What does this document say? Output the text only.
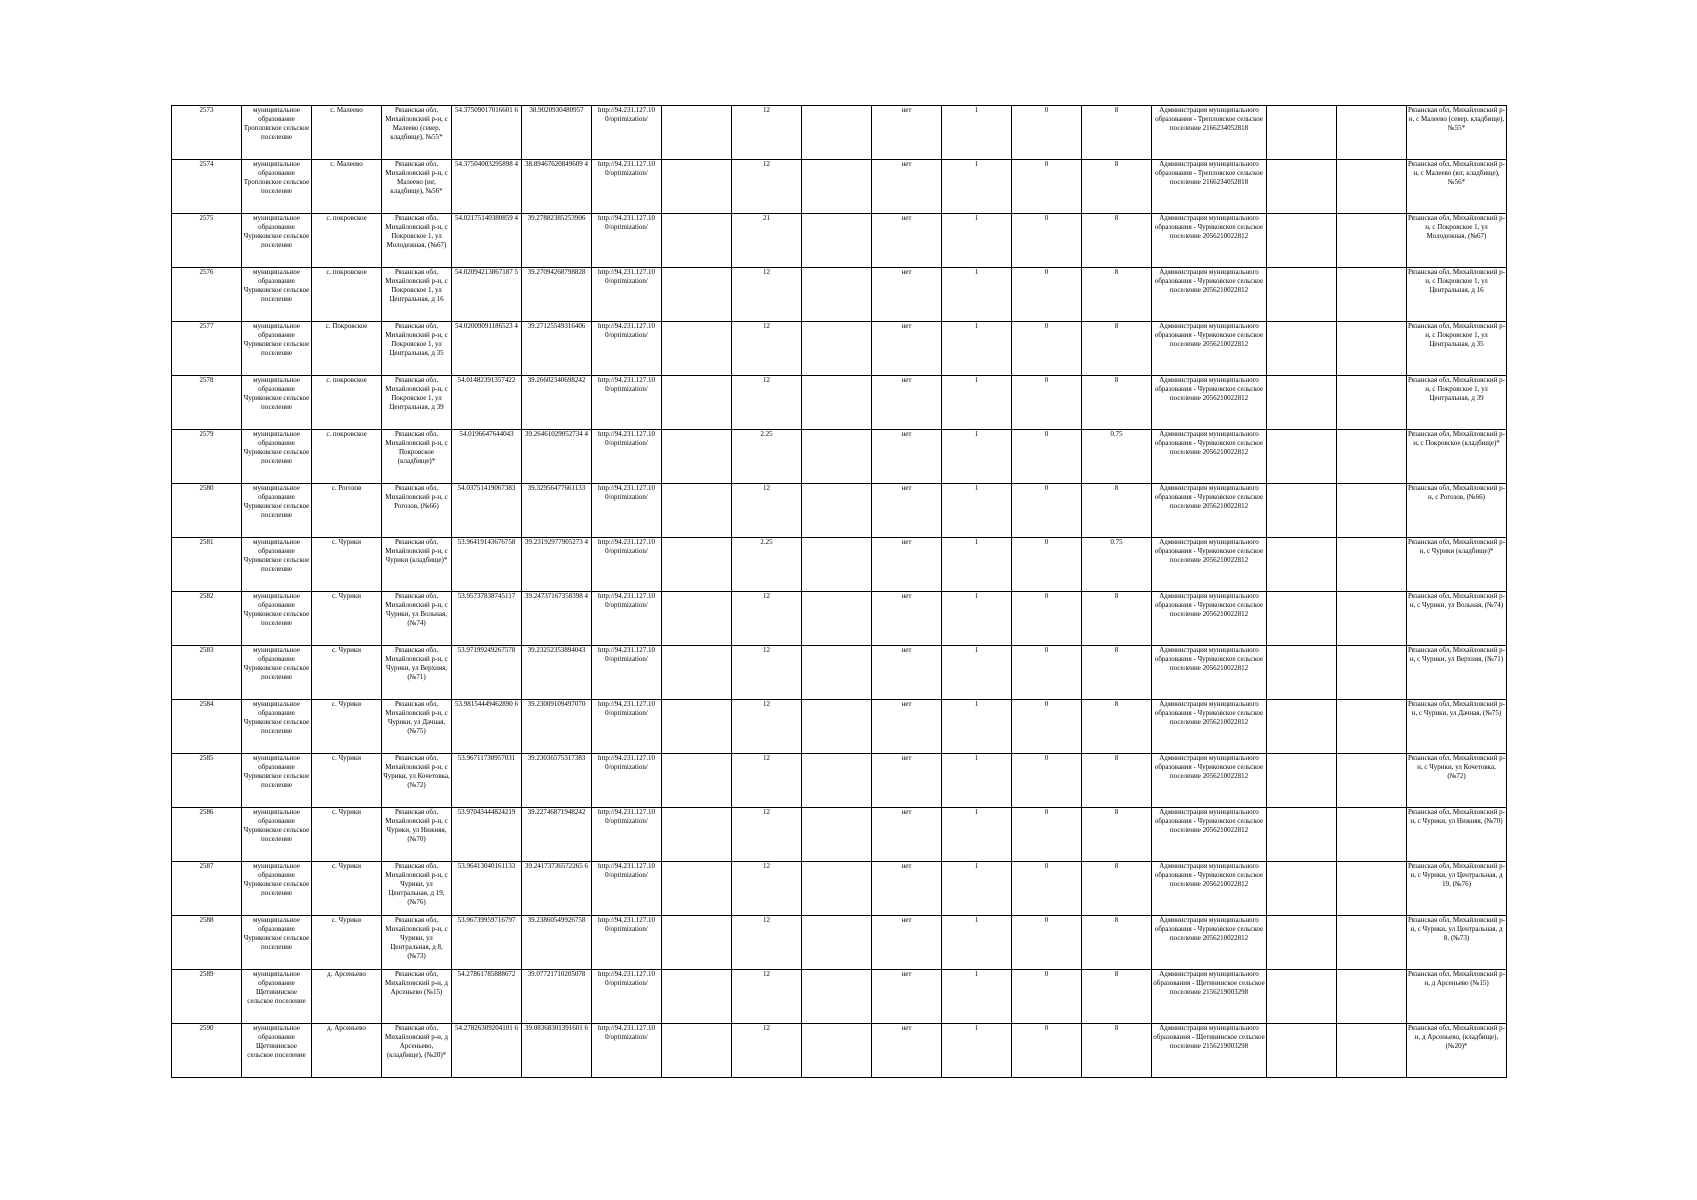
2573	муниципальное образование Тропловское сельское поселение	с. Малеево	Рязанская обл, Михайловский р-н, с Малеево (север, кладбище), №55*	54.37509017016601 6	38.9020930480957	http://94.231.127.10 0/optimization/		12		нет	1	0	8	Администрация муниципального образования - Трепловское сельское поселение 2166234052818			Рязанская обл, Михайловский р-н, с Малеево (север, кладбище), №55*
2574	муниципальное образование Тропловское сельское поселение	с. Малеево	Рязанская обл, Михайловский р-н, с Малеево (юг, кладбище), №56*	54.37504003295898 4	38.89467620849609 4	http://94.231.127.10 0/optimization/		12		нет	1	0	8	Администрация муниципального образования - Трепловское сельское поселение 2166234052818			Рязанская обл, Михайловский р-н, с Малеево (юг, кладбище), №56*
2575	муниципальное образование Чуриковское сельское поселение	с. покровское	Рязанская обл, Михайловский р-н, с Покровское 1, ул Молодежная, (№67)	54.02175140380859 4	39.27882385253906	http://94.231.127.10 0/optimization/		21		нет	1	0	8	Администрация муниципального образования - Чуриковское сельское поселение 2056210022812			Рязанская обл, Михайловский р-н, с Покровское 1, ул Молодежная, (№67)
2576	муниципальное образование Чуриковское сельское поселение	с. покровское	Рязанская обл, Михайловский р-н, с Покровское 1, ул Центральная, д 16	54.02094213867187 5	39.27094268798828	http://94.231.127.10 0/optimization/		12		нет	1	0	8	Администрация муниципального образования - Чуриковское сельское поселение 2056210022812			Рязанская обл, Михайловский р-н, с Покровское 1, ул Центральная, д 16
2577	муниципальное образование Чуриковское сельское поселение	с. Покровское	Рязанская обл, Михайловский р-н, с Покровское 1, ул Центральная, д 35	54.02009091186523 4	39.27125549316406	http://94.231.127.10 0/optimization/		12		нет	1	0	8	Администрация муниципального образования - Чуриковское сельское поселение 2056210022812			Рязанская обл, Михайловский р-н, с Покровское 1, ул Центральная, д 35
2578	муниципальное образование Чуриковское сельское поселение	с. покровское	Рязанская обл, Михайловский р-н, с Покровское 1, ул Центральная, д 39	54.01482391357422	39.26602340698242	http://94.231.127.10 0/optimization/		12		нет	1	0	8	Администрация муниципального образования - Чуриковское сельское поселение 2056210022812			Рязанская обл, Михайловский р-н, с Покровское 1, ул Центральная, д 39
2579	муниципальное образование Чуриковское сельское поселение	с. покровское	Рязанская обл, Михайловский р-н, с Покровское (кладбище)*	54.0196647644043	39.26461029052734 4	http://94.231.127.10 0/optimization/		2.25		нет	1	0	0.75	Администрация муниципального образования - Чуриковское сельское поселение 2056210022812			Рязанская обл, Михайловский р-н, с Покровское (кладбище)*
2580	муниципальное образование Чуриковское сельское поселение	с. Рогозов	Рязанская обл, Михайловский р-н, с Рогозов, (№66)	54.03751419067383	39.32956477661133	http://94.231.127.10 0/optimization/		12		нет	1	0	8	Администрация муниципального образования - Чуриковское сельское поселение 2056210022812			Рязанская обл, Михайловский р-н, с Рогозов, (№66)
2581	муниципальное образование Чуриковское сельское поселение	с. Чурики	Рязанская обл, Михайловский р-н, с Чурики (кладбище)*	53.96419143676758	39.23192977905273 4	http://94.231.127.10 0/optimization/		2.25		нет	1	0	0.75	Администрация муниципального образования - Чуриковское сельское поселение 2056210022812			Рязанская обл, Михайловский р-н, с Чурики (кладбище)*
2582	муниципальное образование Чуриковское сельское поселение	с. Чурики	Рязанская обл, Михайловский р-н, с Чурики, ул Вольная, (№74)	53.95737838745117	39.24737167358398 4	http://94.231.127.10 0/optimization/		12		нет	1	0	8	Администрация муниципального образования - Чуриковское сельское поселение 2056210022812			Рязанская обл, Михайловский р-н, с Чурики, ул Вольная, (№74)
2583	муниципальное образование Чуриковское сельское поселение	с. Чурики	Рязанская обл, Михайловский р-н, с Чурики, ул Верхняя, (№71)	53.97199249267578	39.23252353894043	http://94.231.127.10 0/optimization/		12		нет	1	0	8	Администрация муниципального образования - Чуриковское сельское поселение 2056210022812			Рязанская обл, Михайловский р-н, с Чурики, ул Верхняя, (№71)
2584	муниципальное образование Чуриковское сельское поселение	с. Чурики	Рязанская обл, Михайловский р-н, с Чурики, ул Дачная, (№75)	53.98154449462890 6	39.23009109497070	http://94.231.127.10 0/optimization/		12		нет	1	0	8	Администрация муниципального образования - Чуриковское сельское поселение 2056210022812			Рязанская обл, Михайловский р-н, с Чурики, ул Дачная, (№75)
2585	муниципальное образование Чуриковское сельское поселение	с. Чурики	Рязанская обл, Михайловский р-н, с Чурики, ул Кочетовка, (№72)	53.96711730957031	39.23036575317383	http://94.231.127.10 0/optimization/		12		нет	1	0	8	Администрация муниципального образования - Чуриковское сельское поселение 2056210022812			Рязанская обл, Михайловский р-н, с Чурики, ул Кочетовка, (№72)
2586	муниципальное образование Чуриковское сельское поселение	с. Чурики	Рязанская обл, Михайловский р-н, с Чурики, ул Нижняя, (№70)	53.97043444824219	39.22746871948242	http://94.231.127.10 0/optimization/		12		нет	1	0	8	Администрация муниципального образования - Чуриковское сельское поселение 2056210022812			Рязанская обл, Михайловский р-н, с Чурики, ул Нижняя, (№70)
2587	муниципальное образование Чуриковское сельское поселение	с. Чурики	Рязанская обл, Михайловский р-н, с Чурики, ул Центральная, д 19, (№76)	53.96413040161133	39.24173736572265 6	http://94.231.127.10 0/optimization/		12		нет	1	0	8	Администрация муниципального образования - Чуриковское сельское поселение 2056210022812			Рязанская обл, Михайловский р-н, с Чурики, ул Центральная, д 19, (№76)
2588	муниципальное образование Чуриковское сельское поселение	с. Чурики	Рязанская обл, Михайловский р-н, с Чурики, ул Центральная, д 8, (№73)	53.96739959716797	39.23860549926758	http://94.231.127.10 0/optimization/		12		нет	1	0	8	Администрация муниципального образования - Чуриковское сельское поселение 2056210022812			Рязанская обл, Михайловский р-н, с Чурики, ул Центральная, д 8, (№73)
2589	муниципальное образование Щетининское сельское поселение	д. Арсеньево	Рязанская обл, Михайловский р-н, д Арсеньево (№15)	54.27861785888672	39.07721710205078	http://94.231.127.10 0/optimization/		12		нет	1	0	8	Администрация муниципального образования - Щетининское сельское поселение 2156219003298			Рязанская обл, Михайловский р-н, д Арсеньево (№15)
2590	муниципальное образование Щетининское сельское поселение	д. Арсеньево	Рязанская обл, Михайловский р-н, д Арсеньево, (кладбище), (№20)*	54.27826309204101 6	39.08368301391601 6	http://94.231.127.10 0/optimization/		12		нет	1	0	8	Администрация муниципального образования - Щетининское сельское поселение 2156219003298			Рязанская обл, Михайловский р-н, д Арсеньево, (кладбище), (№20)*
